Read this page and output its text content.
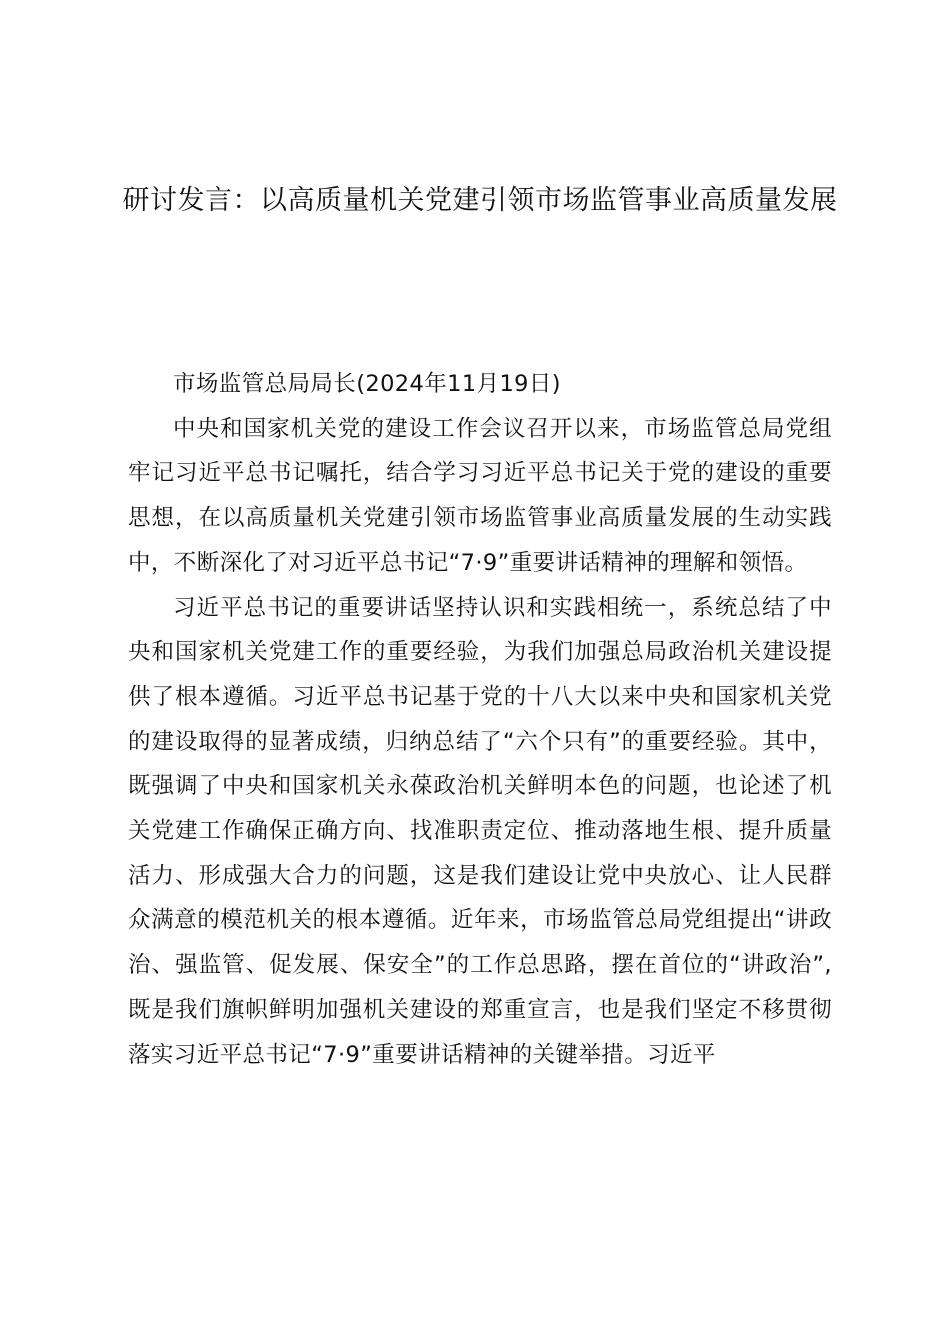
研讨发言：以高质量机关党建引领市场监管事业高质量发展

市场监管总局局长(2024年11月19日)

中央和国家机关党的建设工作会议召开以来，市场监管总局党组牢记习近平总书记嘱托，结合学习习近平总书记关于党的建设的重要思想，在以高质量机关党建引领市场监管事业高质量发展的生动实践中，不断深化了对习近平总书记“7·9”重要讲话精神的理解和领悟。

习近平总书记的重要讲话坚持认识和实践相统一，系统总结了中央和国家机关党建工作的重要经验，为我们加强总局政治机关建设提供了根本遵循。习近平总书记基于党的十八大以来中央和国家机关党的建设取得的显著成绩，归纳总结了“六个只有”的重要经验。其中，既强调了中央和国家机关永葆政治机关鲜明本色的问题，也论述了机关党建工作确保正确方向、找准职责定位、推动落地生根、提升质量活力、形成强大合力的问题，这是我们建设让党中央放心、让人民群众满意的模范机关的根本遵循。近年来，市场监管总局党组提出“讲政治、强监管、促发展、保安全”的工作总思路，摆在首位的“讲政治”,既是我们旗帜鲜明加强机关建设的郑重宣言，也是我们坚定不移贯彻落实习近平总书记“7·9”重要讲话精神的关键举措。习近平
